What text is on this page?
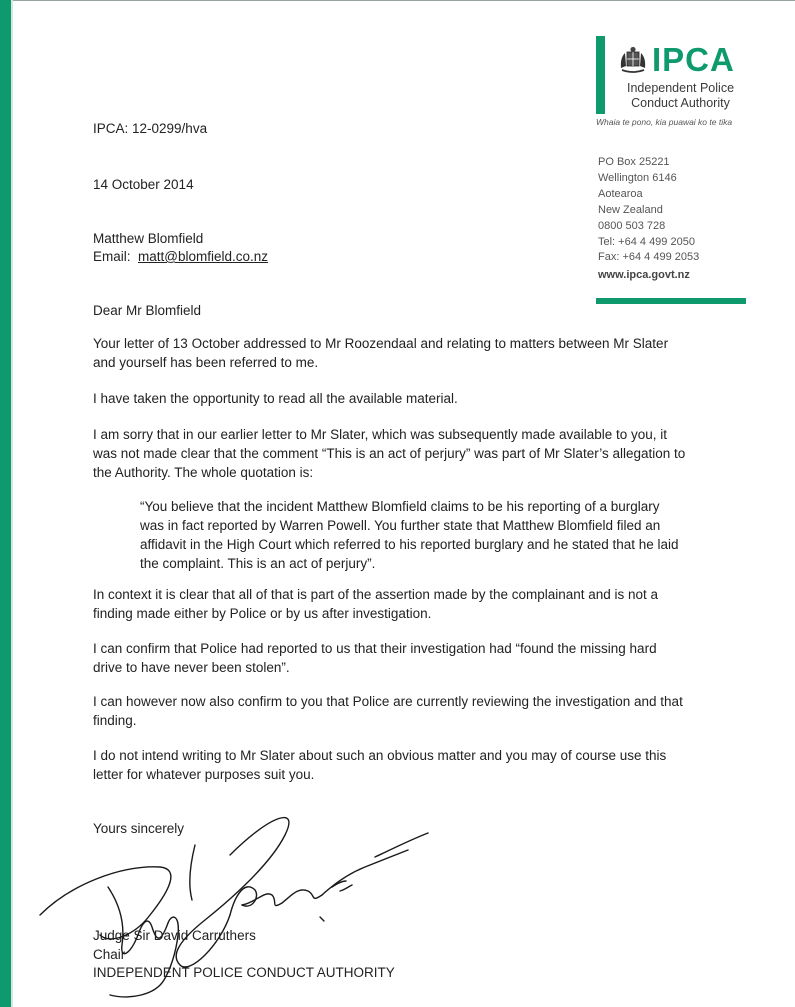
IPCA
Independent Police
Conduct Authority
Whaia te pono, kia puawai ko te tika
PO Box 25221
Wellington 6146
Aotearoa
New Zealand
0800 503 728
Tel: +64 4 499 2050
Fax: +64 4 499 2053
www.ipca.govt.nz
IPCA: 12-0299/hva
14 October 2014
Matthew Blomfield
Email: matt@blomfield.co.nz
Dear Mr Blomfield

Your letter of 13 October addressed to Mr Roozendaal and relating to matters between Mr Slater

and yourself has been referred to me.

I have taken the opportunity to read all the available material.

I am sorry that in our earlier letter to Mr Slater, which was subsequently made available to you, it

was not made clear that the comment “This is an act of perjury” was part of Mr Slater’s allegation to

the Authority. The whole quotation is:

“You believe that the incident Matthew Blomfield claims to be his reporting of a burglary

was in fact reported by Warren Powell. You further state that Matthew Blomfield filed an

affidavit in the High Court which referred to his reported burglary and he stated that he laid

the complaint. This is an act of perjury”.

In context it is clear that all of that is part of the assertion made by the complainant and is not a

finding made either by Police or by us after investigation.

I can confirm that Police had reported to us that their investigation had “found the missing hard

drive to have never been stolen”.

I can however now also confirm to you that Police are currently reviewing the investigation and that

finding.

I do not intend writing to Mr Slater about such an obvious matter and you may of course use this

letter for whatever purposes suit you.

Yours sincerely
Judge Sir David Carruthers
Chair
INDEPENDENT POLICE CONDUCT AUTHORITY
